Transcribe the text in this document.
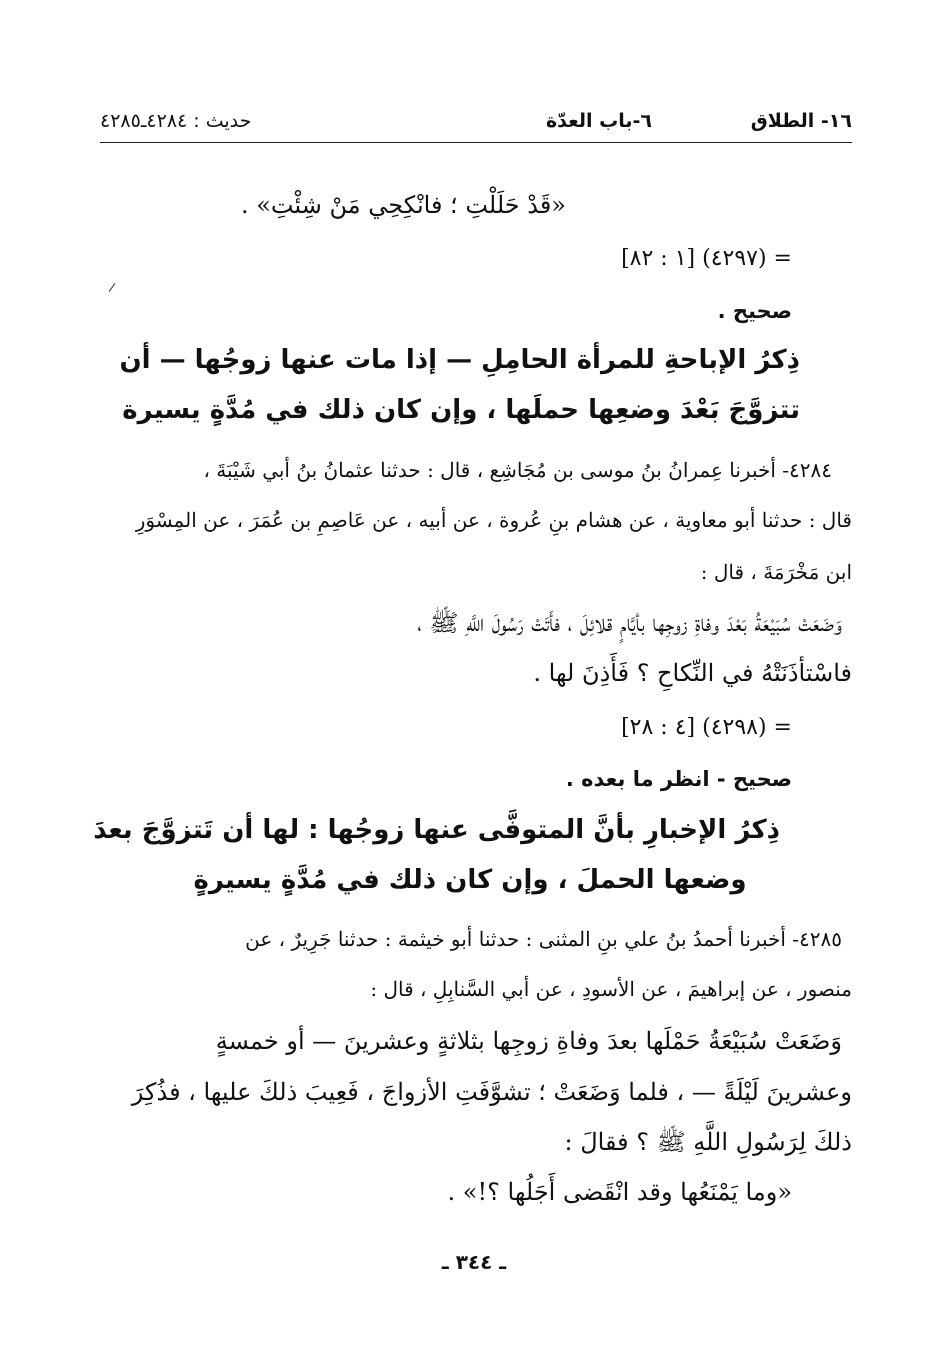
١٦- الطلاق
٦-باب العدّة
حديث : ٤٢٨٤ـ٤٢٨٥
«قَدْ حَلَلْتِ ؛ فانْكِحِي مَنْ شِئْتِ» .
= (٤٢٩٧) [١ : ٨٢]
صحيح .
ذِكرُ الإباحةِ للمرأة الحامِلِ — إذا مات عنها زوجُها — أن
تتزوَّجَ بَعْدَ وضعِها حملَها ، وإن كان ذلك في مُدَّةٍ يسيرة
٤٢٨٤- أخبرنا عِمرانُ بنُ موسى بن مُجَاشِع ، قال : حدثنا عثمانُ بنُ أبي شَيْبَةَ ،
قال : حدثنا أبو معاوية ، عن هشام بنِ عُروة ، عن أبيه ، عن عَاصِمِ بن عُمَرَ ، عن المِسْوَرِ
ابن مَخْرَمَةَ ، قال :
وَضَعَتْ سُبَيْعَةُ بَعْدَ وفاةِ زوجِها بأيَّامٍ قلائِلَ ، فأَتَتْ رَسُولَ اللَّهِ ﷺ ،
فاسْتأذَنَتْهُ في النِّكاحِ ؟ فَأَذِنَ لها .
= (٤٢٩٨) [٤ : ٢٨]
صحيح - انظر ما بعده .
ذِكرُ الإخبارِ بأنَّ المتوفَّى عنها زوجُها : لها أن تَتزوَّجَ بعدَ
وضعها الحملَ ، وإن كان ذلك في مُدَّةٍ يسيرةٍ
٤٢٨٥- أخبرنا أحمدُ بنُ علي بنِ المثنى : حدثنا أبو خيثمة : حدثنا جَرِيرٌ ، عن
منصور ، عن إبراهيمَ ، عن الأسودِ ، عن أبي السَّنابِلِ ، قال :
وَضَعَتْ سُبَيْعَةُ حَمْلَها بعدَ وفاةِ زوجِها بثلاثةٍ وعشرينَ — أو خمسةٍ
وعشرينَ لَيْلَةً — ، فلما وَضَعَتْ ؛ تشوَّفَتِ الأزواجَ ، فَعِيبَ ذلكَ عليها ، فذُكِرَ
ذلكَ لِرَسُولِ اللَّهِ ﷺ ؟ فقالَ :
«وما يَمْنَعُها وقد انْقَضى أَجَلُها ؟!» .
ـ ٣٤٤ ـ
